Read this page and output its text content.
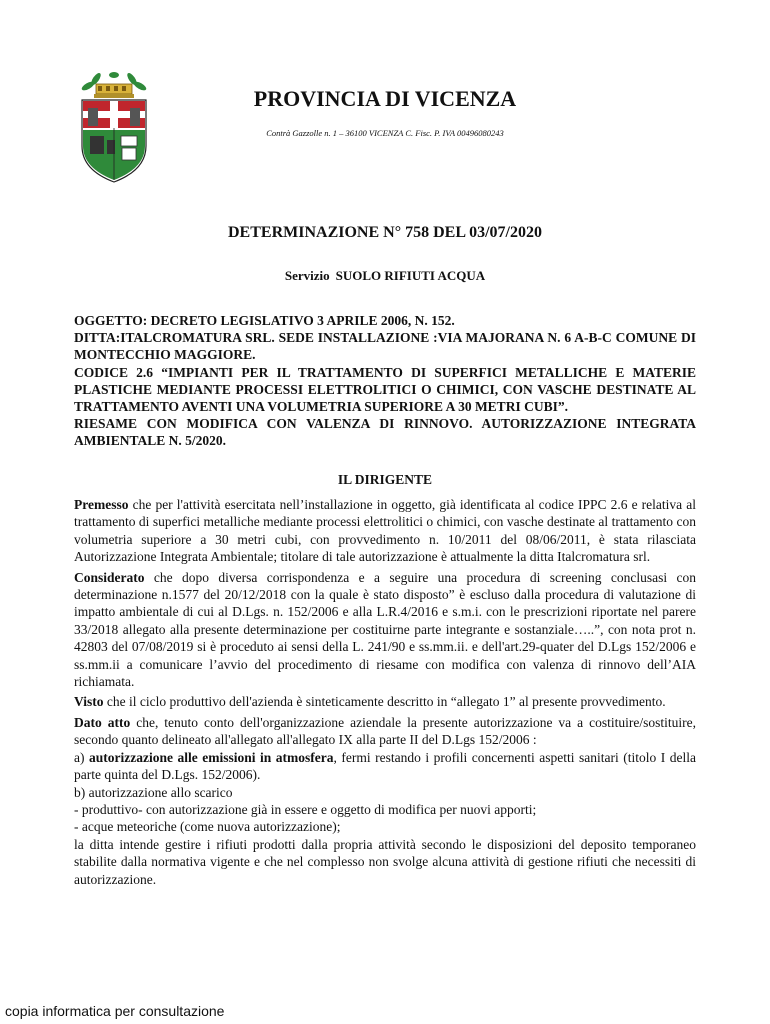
PROVINCIA DI VICENZA
Contrà Gazzolle n. 1 – 36100 VICENZA C. Fisc. P. IVA 00496080243
DETERMINAZIONE N° 758 DEL 03/07/2020
Servizio SUOLO RIFIUTI ACQUA

OGGETTO: DECRETO LEGISLATIVO 3 APRILE 2006, N. 152.

DITTA:ITALCROMATURA SRL. SEDE INSTALLAZIONE :VIA MAJORANA N. 6 A-B-C COMUNE DI MONTECCHIO MAGGIORE.

CODICE 2.6 “IMPIANTI PER IL TRATTAMENTO DI SUPERFICI METALLICHE E MATERIE PLASTICHE MEDIANTE PROCESSI ELETTROLITICI O CHIMICI, CON VASCHE DESTINATE AL TRATTAMENTO AVENTI UNA VOLUMETRIA SUPERIORE A 30 METRI CUBI”.

RIESAME CON MODIFICA CON VALENZA DI RINNOVO. AUTORIZZAZIONE INTEGRATA AMBIENTALE N. 5/2020.

IL DIRIGENTE

Premesso che per l'attività esercitata nell’installazione in oggetto, già identificata al codice IPPC 2.6 e relativa al trattamento di superfici metalliche mediante processi elettrolitici o chimici, con vasche destinate al trattamento con volumetria superiore a 30 metri cubi, con provvedimento n. 10/2011 del 08/06/2011, è stata rilasciata Autorizzazione Integrata Ambientale; titolare di tale autorizzazione è attualmente la ditta Italcromatura srl.

Considerato che dopo diversa corrispondenza e a seguire una procedura di screening conclusasi con determinazione n.1577 del 20/12/2018 con la quale è stato disposto” è escluso dalla procedura di valutazione di impatto ambientale di cui al D.Lgs. n. 152/2006 e alla L.R.4/2016 e s.m.i. con le prescrizioni riportate nel parere 33/2018 allegato alla presente determinazione per costituirne parte integrante e sostanziale…..”, con nota prot n. 42803 del 07/08/2019 si è proceduto ai sensi della L. 241/90 e ss.mm.ii. e dell'art.29-quater del D.Lgs 152/2006 e ss.mm.ii a comunicare l’avvio del procedimento di riesame con modifica con valenza di rinnovo dell’AIA richiamata.

Visto che il ciclo produttivo dell'azienda è sinteticamente descritto in “allegato 1” al presente provvedimento.

Dato atto che, tenuto conto dell'organizzazione aziendale la presente autorizzazione va a costituire/sostituire, secondo quanto delineato all'allegato all'allegato IX alla parte II del D.Lgs 152/2006 :

a) autorizzazione alle emissioni in atmosfera, fermi restando i profili concernenti aspetti sanitari (titolo I della parte quinta del D.Lgs. 152/2006).

b) autorizzazione allo scarico

- produttivo- con autorizzazione già in essere e oggetto di modifica per nuovi apporti;

- acque meteoriche (come nuova autorizzazione);

la ditta intende gestire i rifiuti prodotti dalla propria attività secondo le disposizioni del deposito temporaneo stabilite dalla normativa vigente e che nel complesso non svolge alcuna attività di gestione rifiuti che necessiti di autorizzazione.

copia informatica per consultazione
